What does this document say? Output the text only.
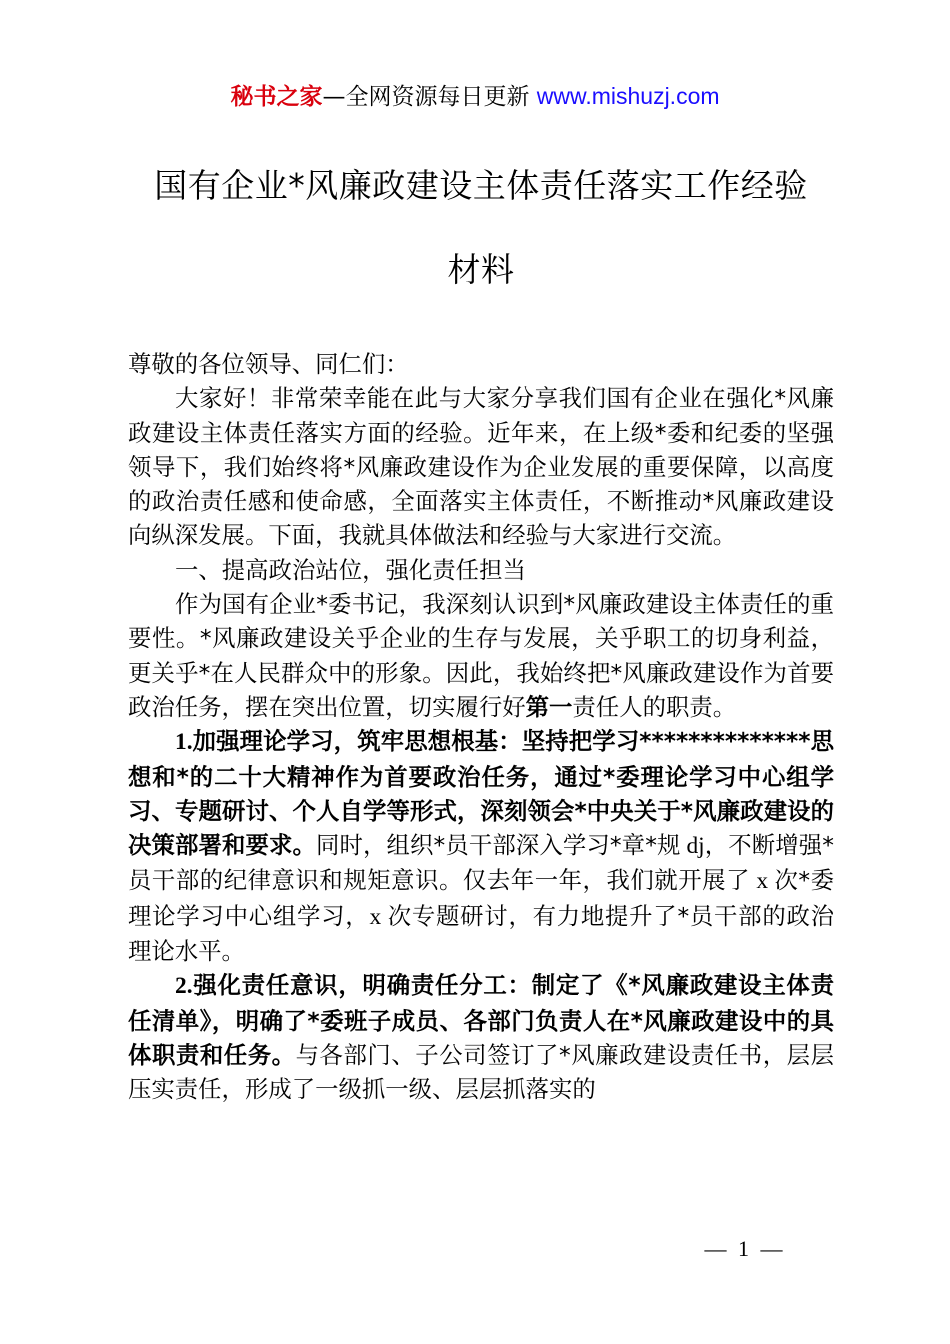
秘书之家—全网资源每日更新 www.mishuzj.com
国有企业*风廉政建设主体责任落实工作经验
材料

尊敬的各位领导、同仁们：

大家好！非常荣幸能在此与大家分享我们国有企业在强化*风廉政建设主体责任落实方面的经验。近年来，在上级*委和纪委的坚强领导下，我们始终将*风廉政建设作为企业发展的重要保障，以高度的政治责任感和使命感，全面落实主体责任，不断推动*风廉政建设向纵深发展。下面，我就具体做法和经验与大家进行交流。

一、提高政治站位，强化责任担当

作为国有企业*委书记，我深刻认识到*风廉政建设主体责任的重要性。*风廉政建设关乎企业的生存与发展，关乎职工的切身利益，更关乎*在人民群众中的形象。因此，我始终把*风廉政建设作为首要政治任务，摆在突出位置，切实履行好第一责任人的职责。

1.加强理论学习，筑牢思想根基：坚持把学习**************思想和*的二十大精神作为首要政治任务，通过*委理论学习中心组学习、专题研讨、个人自学等形式，深刻领会*中央关于*风廉政建设的决策部署和要求。同时，组织*员干部深入学习*章*规 dj，不断增强*员干部的纪律意识和规矩意识。仅去年一年，我们就开展了 x 次*委理论学习中心组学习，x 次专题研讨，有力地提升了*员干部的政治理论水平。

2.强化责任意识，明确责任分工：制定了《*风廉政建设主体责任清单》，明确了*委班子成员、各部门负责人在*风廉政建设中的具体职责和任务。与各部门、子公司签订了*风廉政建设责任书，层层压实责任，形成了一级抓一级、层层抓落实的

— 1 —
